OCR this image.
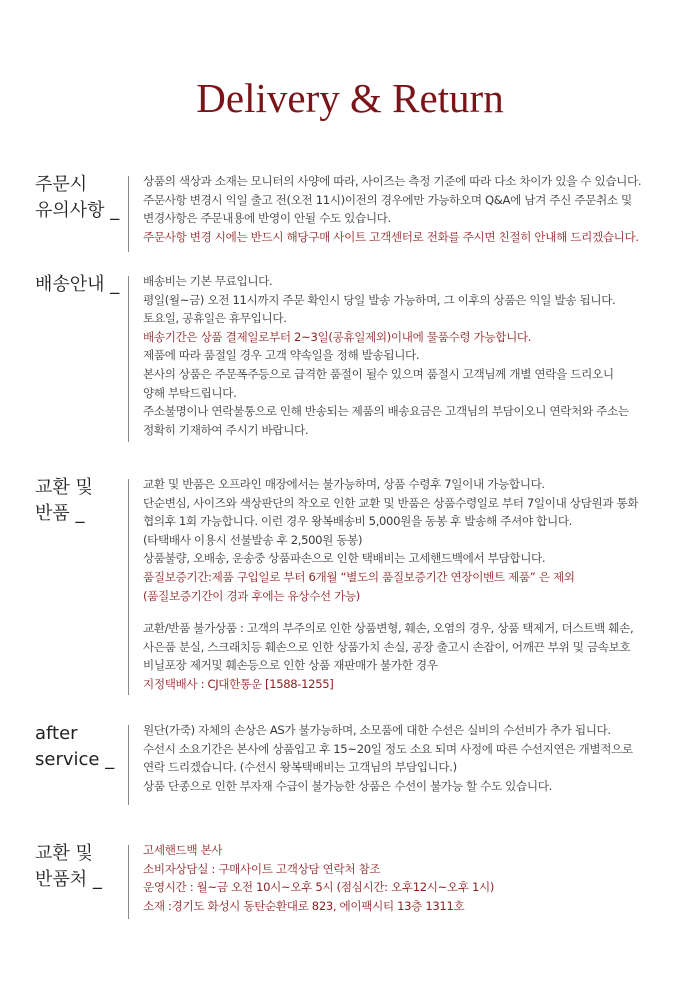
Delivery & Return
주문시
유의사항 _
상품의 색상과 소재는 모니터의 사양에 따라, 사이즈는 측정 기준에 따라 다소 차이가 있을 수 있습니다.
주문사항 변경시 익일 출고 전(오전 11시)이전의 경우에만 가능하오며 Q&A에 남겨 주신 주문취소 및
변경사항은 주문내용에 반영이 안될 수도 있습니다.
주문사항 변경 시에는 반드시 해당구매 사이트 고객센터로 전화를 주시면 친절히 안내해 드리겠습니다.
배송안내 _ 배송비는 기본 무료입니다.
평일(월~금) 오전 11시까지 주문 확인시 당일 발송 가능하며, 그 이후의 상품은 익일 발송 됩니다.
토요일, 공휴일은 휴무입니다.
배송기간은 상품 결제일로부터 2~3일(공휴일제외)이내에 물품수령 가능합니다.
제품에 따라 품절일 경우 고객 약속일을 정해 발송됩니다.
본사의 상품은 주문폭주등으로 급격한 품절이 될수 있으며 품절시 고객님께 개별 연락을 드리오니
양해 부탁드립니다.
주소불명이나 연락불통으로 인해 반송되는 제품의 배송요금은 고객님의 부담이오니 연락처와 주소는
정확히 기재하여 주시기 바랍니다.
교환 및
반품 _
교환 및 반품은 오프라인 매장에서는 불가능하며, 상품 수령후 7일이내 가능합니다.
단순변심, 사이즈와 색상판단의 착오로 인한 교환 및 반품은 상품수령일로 부터 7일이내 상담원과 통화
협의후 1회 가능합니다. 이런 경우 왕복배송비 5,000원을 동봉 후 발송해 주셔야 합니다.
(타택배사 이용시 선불발송 후 2,500원 동봉)
상품불량, 오배송, 운송중 상품파손으로 인한 택배비는 고세핸드백에서 부담합니다.
품질보증기간:제품 구입일로 부터 6개월 “별도의 품질보증기간 연장이벤트 제품” 은 제외
(품질보증기간이 경과 후에는 유상수선 가능)
교환/반품 불가상품 : 고객의 부주의로 인한 상품변형, 훼손, 오염의 경우, 상품 택제거, 더스트백 훼손,
사은품 분실, 스크래치등 훼손으로 인한 상품가치 손실, 공장 출고시 손잡이, 어깨끈 부위 및 금속보호
비닐포장 제거및 훼손등으로 인한 상품 재판매가 불가한 경우
지정택배사 : CJ대한통운 [1588-1255]
after
service _
원단(가죽) 자체의 손상은 AS가 불가능하며, 소모품에 대한 수선은 실비의 수선비가 추가 됩니다.
수선시 소요기간은 본사에 상품입고 후 15~20일 정도 소요 되며 사정에 따른 수선지연은 개별적으로
연락 드리겠습니다. (수선시 왕복택배비는 고객님의 부담입니다.)
상품 단종으로 인한 부자재 수급이 불가능한 상품은 수선이 불가능 할 수도 있습니다.
교환 및
반품처 _
고세핸드백 본사
소비자상담실 : 구매사이트 고객상담 연락처 참조
운영시간 : 월~금 오전 10시~오후 5시 (점심시간: 오후12시~오후 1시)
소재 :경기도 화성시 동탄순환대로 823, 에이팩시티 13층 1311호
